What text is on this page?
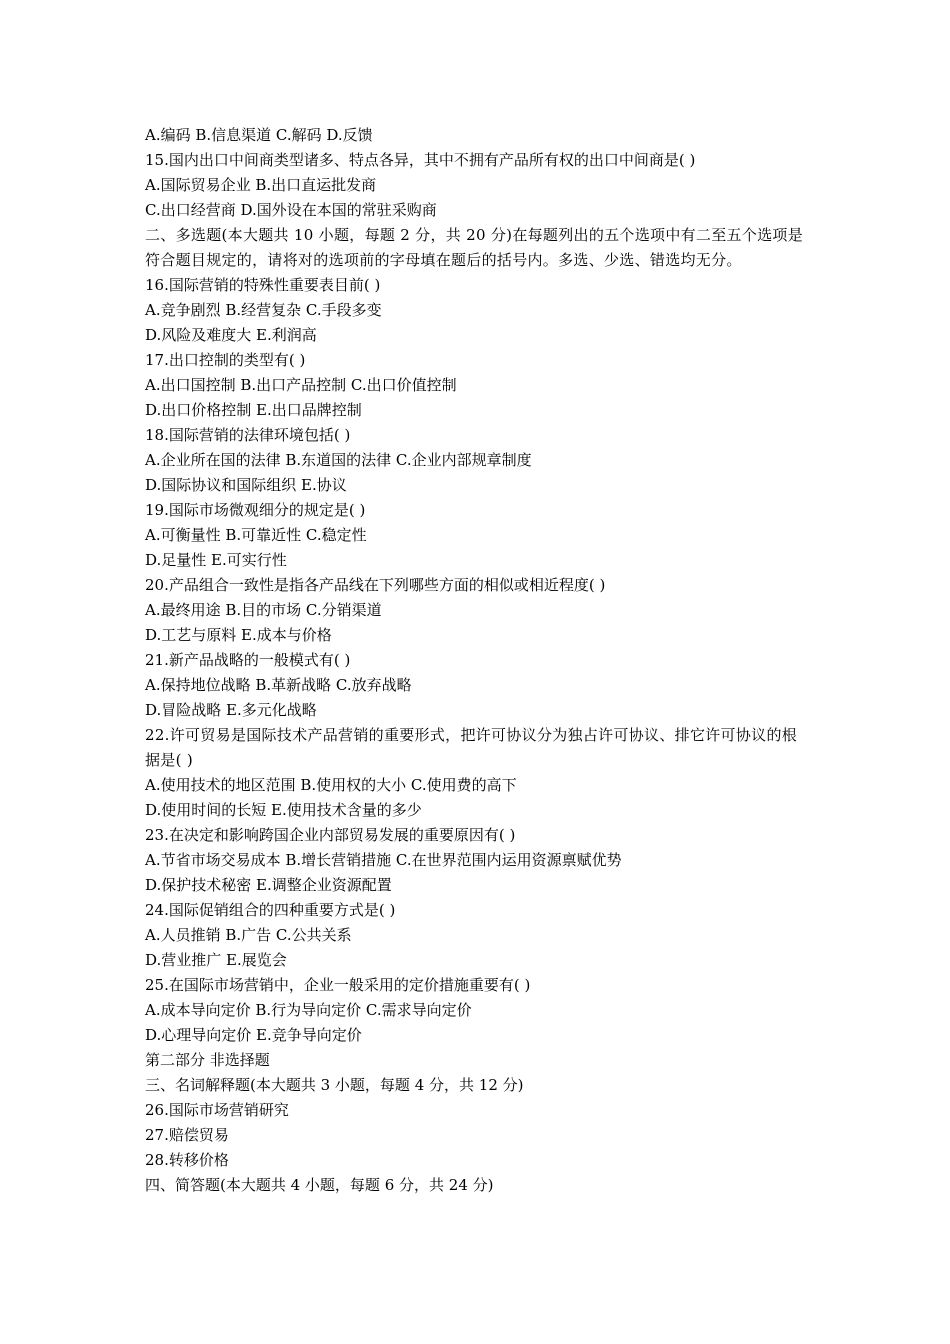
A.编码 B.信息渠道 C.解码 D.反馈
15.国内出口中间商类型诸多、特点各异，其中不拥有产品所有权的出口中间商是( )
A.国际贸易企业 B.出口直运批发商
C.出口经营商 D.国外设在本国的常驻采购商
二、多选题(本大题共 10 小题，每题 2 分，共 20 分)在每题列出的五个选项中有二至五个选项是符合题目规定的，请将对的选项前的字母填在题后的括号内。多选、少选、错选均无分。
16.国际营销的特殊性重要表目前( )
A.竞争剧烈 B.经营复杂 C.手段多变
D.风险及难度大 E.利润高
17.出口控制的类型有( )
A.出口国控制 B.出口产品控制 C.出口价值控制
D.出口价格控制 E.出口品牌控制
18.国际营销的法律环境包括( )
A.企业所在国的法律 B.东道国的法律 C.企业内部规章制度
D.国际协议和国际组织 E.协议
19.国际市场微观细分的规定是( )
A.可衡量性 B.可靠近性 C.稳定性
D.足量性 E.可实行性
20.产品组合一致性是指各产品线在下列哪些方面的相似或相近程度( )
A.最终用途 B.目的市场 C.分销渠道
D.工艺与原料 E.成本与价格
21.新产品战略的一般模式有( )
A.保持地位战略 B.革新战略 C.放弃战略
D.冒险战略 E.多元化战略
22.许可贸易是国际技术产品营销的重要形式，把许可协议分为独占许可协议、排它许可协议的根据是( )
A.使用技术的地区范围 B.使用权的大小 C.使用费的高下
D.使用时间的长短 E.使用技术含量的多少
23.在决定和影响跨国企业内部贸易发展的重要原因有( )
A.节省市场交易成本 B.增长营销措施 C.在世界范围内运用资源禀赋优势
D.保护技术秘密 E.调整企业资源配置
24.国际促销组合的四种重要方式是( )
A.人员推销 B.广告 C.公共关系
D.营业推广 E.展览会
25.在国际市场营销中，企业一般采用的定价措施重要有( )
A.成本导向定价 B.行为导向定价 C.需求导向定价
D.心理导向定价 E.竞争导向定价
第二部分 非选择题
三、名词解释题(本大题共 3 小题，每题 4 分，共 12 分)
26.国际市场营销研究
27.赔偿贸易
28.转移价格
四、简答题(本大题共 4 小题，每题 6 分，共 24 分)
